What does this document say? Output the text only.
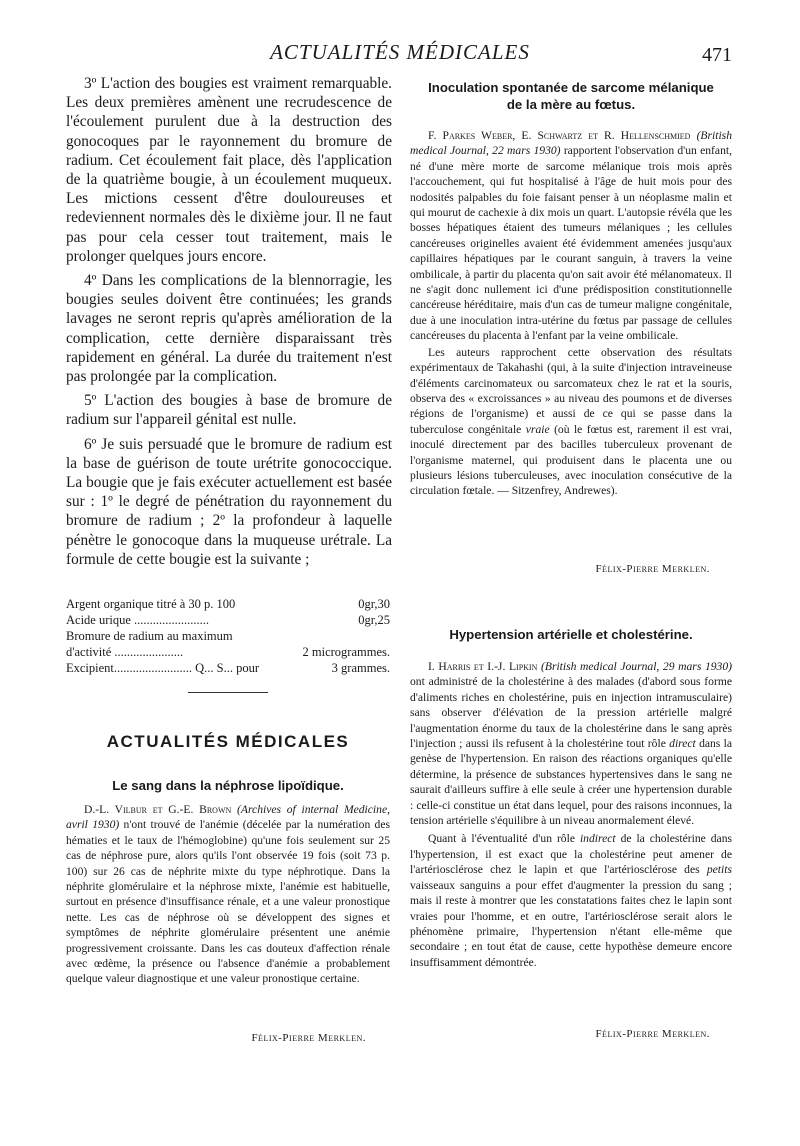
ACTUALITÉS MÉDICALES	471

3º L'action des bougies est vraiment remarquable. Les deux premières amènent une recrudescence de l'écoulement purulent due à la destruction des gonocoques par le rayonnement du bromure de radium. Cet écoulement fait place, dès l'application de la quatrième bougie, à un écoulement muqueux. Les mictions cessent d'être douloureuses et redeviennent normales dès le dixième jour. Il ne faut pas pour cela cesser tout traitement, mais le prolonger quelques jours encore.

4º Dans les complications de la blennorragie, les bougies seules doivent être continuées; les grands lavages ne seront repris qu'après amélioration de la complication, cette dernière disparaissant très rapidement en général. La durée du traitement n'est pas prolongée par la complication.

5º L'action des bougies à base de bromure de radium sur l'appareil génital est nulle.

6º Je suis persuadé que le bromure de radium est la base de guérison de toute urétrite gonococcique. La bougie que je fais exécuter actuellement est basée sur : 1º le degré de pénétration du rayonnement du bromure de radium ; 2º la profondeur à laquelle pénètre le gonocoque dans la muqueuse urétrale. La formule de cette bougie est la suivante ;

Argent organique titré à 30 p. 100	0gr,30
Acide urique ........................	0gr,25
Bromure de radium au maximum
d'activité ......................	2 microgrammes.
Excipient......................... Q... S... pour	3 grammes.

ACTUALITÉS MÉDICALES

Le sang dans la néphrose lipoïdique.

D.-L. Vilbur et G.-E. Brown (Archives of internal Medicine, avril 1930) n'ont trouvé de l'anémie (décelée par la numération des hématies et le taux de l'hémoglobine) qu'une fois seulement sur 25 cas de néphrose pure, alors qu'ils l'ont observée 19 fois (soit 73 p. 100) sur 26 cas de néphrite mixte du type néphrotique. Dans la néphrite glomérulaire et la néphrose mixte, l'anémie est habituelle, surtout en présence d'insuffisance rénale, et a une valeur pronostique nette. Les cas de néphrose où se développent des signes et symptômes de néphrite glomérulaire présentent une anémie progressivement croissante. Dans les cas douteux d'affection rénale avec œdème, la présence ou l'absence d'anémie a probablement quelque valeur diagnostique et une valeur pronostique certaine.

Félix-Pierre Merklen.

Inoculation spontanée de sarcome mélanique
de la mère au fœtus.

F. Parkes Weber, E. Schwartz et R. Hellenschmied (British medical Journal, 22 mars 1930) rapportent l'observation d'un enfant, né d'une mère morte de sarcome mélanique trois mois après l'accouchement, qui fut hospitalisé à l'âge de huit mois pour des nodosités palpables du foie faisant penser à un néoplasme malin et qui mourut de cachexie à dix mois un quart. L'autopsie révéla que les bosses hépatiques étaient des tumeurs mélaniques ; les cellules cancéreuses originelles avaient été évidemment amenées jusqu'aux capillaires hépatiques par le courant sanguin, à travers la veine ombilicale, à partir du placenta qu'on sait avoir été mélanomateux. Il ne s'agit donc nullement ici d'une prédisposition constitutionnelle cancéreuse héréditaire, mais d'un cas de tumeur maligne congénitale, due à une inoculation intra-utérine du fœtus par passage de cellules cancéreuses du placenta à l'enfant par la veine ombilicale.

Les auteurs rapprochent cette observation des résultats expérimentaux de Takahashi (qui, à la suite d'injection intraveineuse d'éléments carcinomateux ou sarcomateux chez le rat et la souris, observa des « excroissances » au niveau des poumons et de diverses régions de l'organisme) et aussi de ce qui se passe dans la tuberculose congénitale vraie (où le fœtus est, rarement il est vrai, inoculé directement par des bacilles tuberculeux provenant de l'organisme maternel, qui produisent dans le placenta une ou plusieurs lésions tuberculeuses, avec inoculation consécutive de la circulation fœtale. — Sitzenfrey, Andrewes).

Félix-Pierre Merklen.

Hypertension artérielle et cholestérine.

I. Harris et I.-J. Lipkin (British medical Journal, 29 mars 1930) ont administré de la cholestérine à des malades (d'abord sous forme d'aliments riches en cholestérine, puis en injection intramusculaire) sans observer d'élévation de la pression artérielle malgré l'augmentation énorme du taux de la cholestérine dans le sang après l'injection ; aussi ils refusent à la cholestérine tout rôle direct dans la genèse de l'hypertension. En raison des réactions organiques qu'elle détermine, la présence de substances hypertensives dans le sang ne saurait d'ailleurs suffire à elle seule à créer une hypertension durable : celle-ci constitue un état dans lequel, pour des raisons inconnues, la tension artérielle s'équilibre à un niveau anormalement élevé.

Quant à l'éventualité d'un rôle indirect de la cholestérine dans l'hypertension, il est exact que la cholestérine peut amener de l'artériosclérose chez le lapin et que l'artériosclérose des petits vaisseaux sanguins a pour effet d'augmenter la pression du sang ; mais il reste à montrer que les constatations faites chez le lapin sont vraies pour l'homme, et en outre, l'artériosclérose serait alors le phénomène primaire, l'hypertension n'étant elle-même que secondaire ; en tout état de cause, cette hypothèse demeure encore insuffisamment démontrée.

Félix-Pierre Merklen.
